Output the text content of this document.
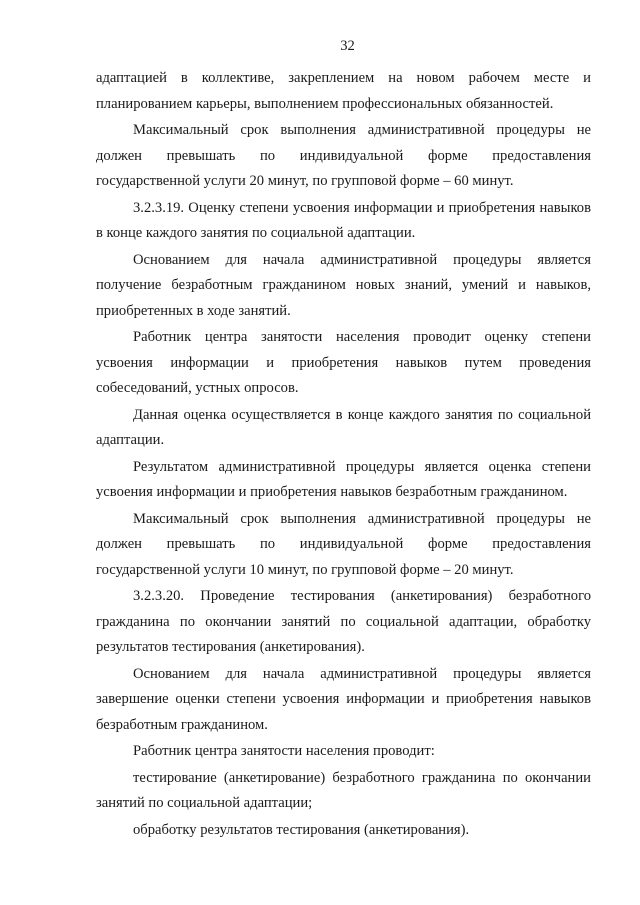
32

адаптацией в коллективе, закреплением на новом рабочем месте и планированием карьеры, выполнением профессиональных обязанностей.

Максимальный срок выполнения административной процедуры не должен превышать по индивидуальной форме предоставления государственной услуги 20 минут, по групповой форме – 60 минут.

3.2.3.19. Оценку степени усвоения информации и приобретения навыков в конце каждого занятия по социальной адаптации.

Основанием для начала административной процедуры является получение безработным гражданином новых знаний, умений и навыков, приобретенных в ходе занятий.

Работник центра занятости населения проводит оценку степени усвоения информации и приобретения навыков путем проведения собеседований, устных опросов.

Данная оценка осуществляется в конце каждого занятия по социальной адаптации.

Результатом административной процедуры является оценка степени усвоения информации и приобретения навыков безработным гражданином.

Максимальный срок выполнения административной процедуры не должен превышать по индивидуальной форме предоставления государственной услуги 10 минут, по групповой форме – 20 минут.

3.2.3.20. Проведение тестирования (анкетирования) безработного гражданина по окончании занятий по социальной адаптации, обработку результатов тестирования (анкетирования).

Основанием для начала административной процедуры является завершение оценки степени усвоения информации и приобретения навыков безработным гражданином.

Работник центра занятости населения проводит:

тестирование (анкетирование) безработного гражданина по окончании занятий по социальной адаптации;

обработку результатов тестирования (анкетирования).
